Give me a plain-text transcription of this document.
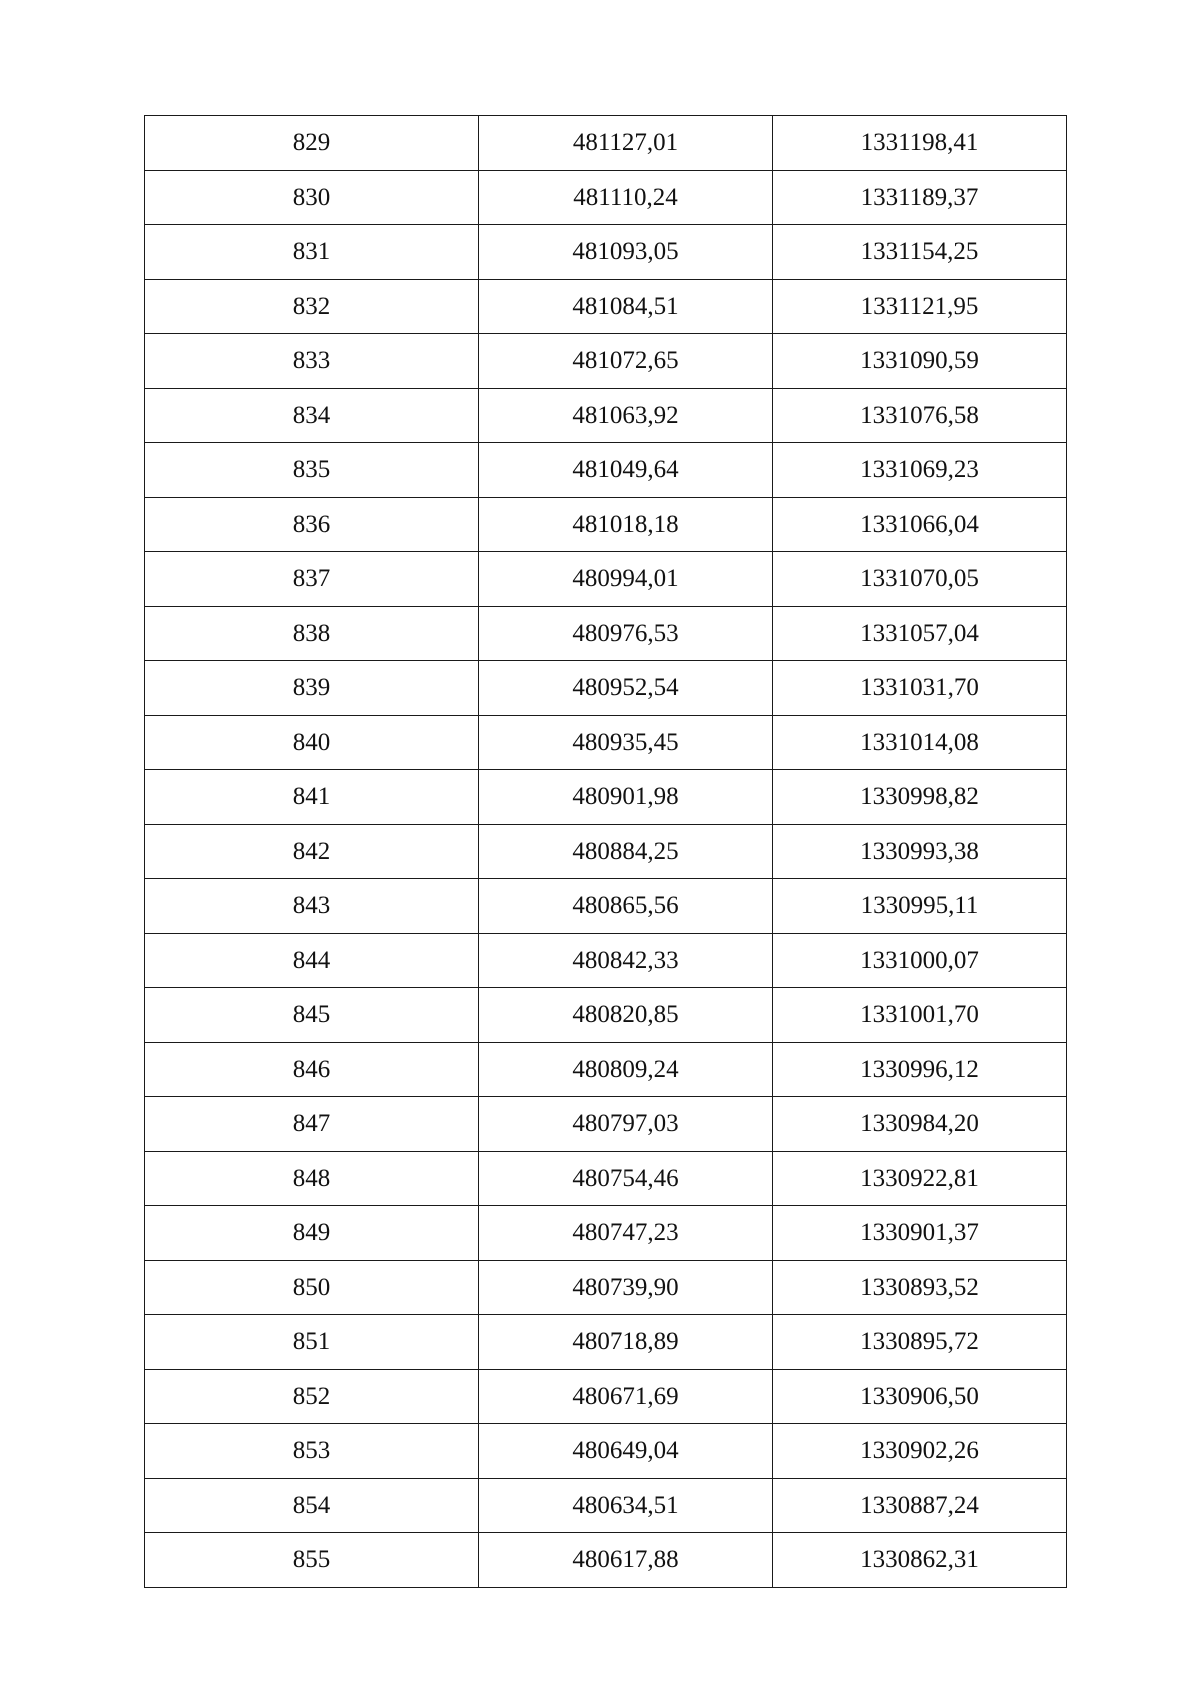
829	481127,01	1331198,41
830	481110,24	1331189,37
831	481093,05	1331154,25
832	481084,51	1331121,95
833	481072,65	1331090,59
834	481063,92	1331076,58
835	481049,64	1331069,23
836	481018,18	1331066,04
837	480994,01	1331070,05
838	480976,53	1331057,04
839	480952,54	1331031,70
840	480935,45	1331014,08
841	480901,98	1330998,82
842	480884,25	1330993,38
843	480865,56	1330995,11
844	480842,33	1331000,07
845	480820,85	1331001,70
846	480809,24	1330996,12
847	480797,03	1330984,20
848	480754,46	1330922,81
849	480747,23	1330901,37
850	480739,90	1330893,52
851	480718,89	1330895,72
852	480671,69	1330906,50
853	480649,04	1330902,26
854	480634,51	1330887,24
855	480617,88	1330862,31
